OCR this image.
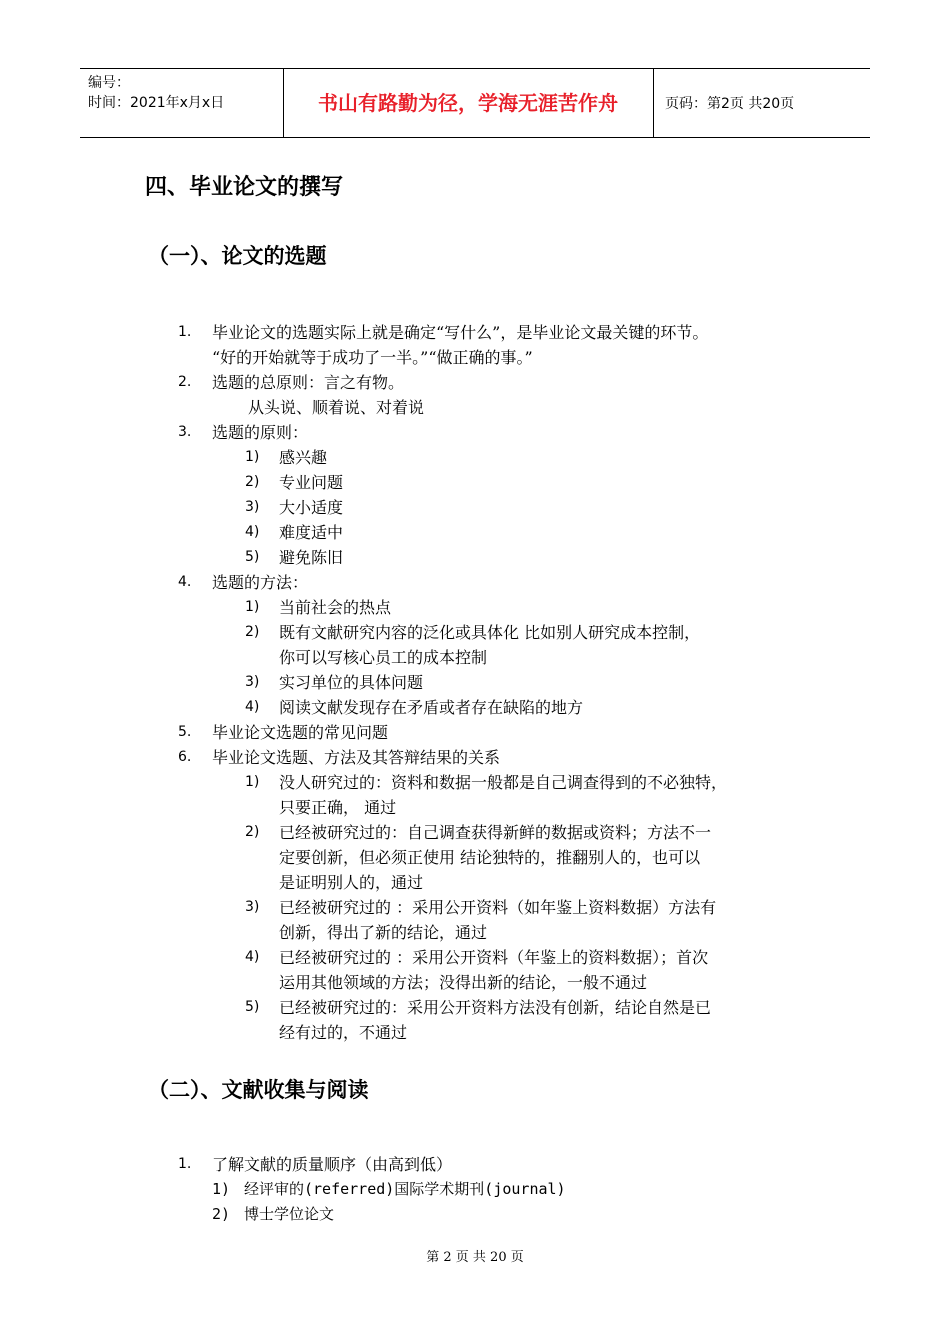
编号：
时间：2021年x月x日	书山有路勤为径，学海无涯苦作舟	页码：第2页 共20页
四、毕业论文的撰写
（一）、论文的选题
1. 毕业论文的选题实际上就是确定“写什么”，是毕业论文最关键的环节。
“好的开始就等于成功了一半。”“做正确的事。”
2. 选题的总原则：言之有物。
从头说、顺着说、对着说
3. 选题的原则：
1) 感兴趣
2) 专业问题
3) 大小适度
4) 难度适中
5) 避免陈旧
4. 选题的方法：
1) 当前社会的热点
2) 既有文献研究内容的泛化或具体化 比如别人研究成本控制，
你可以写核心员工的成本控制
3) 实习单位的具体问题
4) 阅读文献发现存在矛盾或者存在缺陷的地方
5. 毕业论文选题的常见问题
6. 毕业论文选题、方法及其答辩结果的关系
1) 没人研究过的：资料和数据一般都是自己调查得到的不必独特，
只要正确， 通过
2) 已经被研究过的：自己调查获得新鲜的数据或资料；方法不一
定要创新，但必须正使用 结论独特的，推翻别人的，也可以
是证明别人的，通过
3) 已经被研究过的 ：采用公开资料（如年鉴上资料数据）方法有
创新，得出了新的结论，通过
4) 已经被研究过的 ：采用公开资料（年鉴上的资料数据）；首次
运用其他领域的方法；没得出新的结论，一般不通过
5) 已经被研究过的：采用公开资料方法没有创新，结论自然是已
经有过的，不通过
（二）、文献收集与阅读
1. 了解文献的质量顺序（由高到低）
1) 经评审的(referred)国际学术期刊(journal)
2) 博士学位论文
第 2 页 共 20 页
